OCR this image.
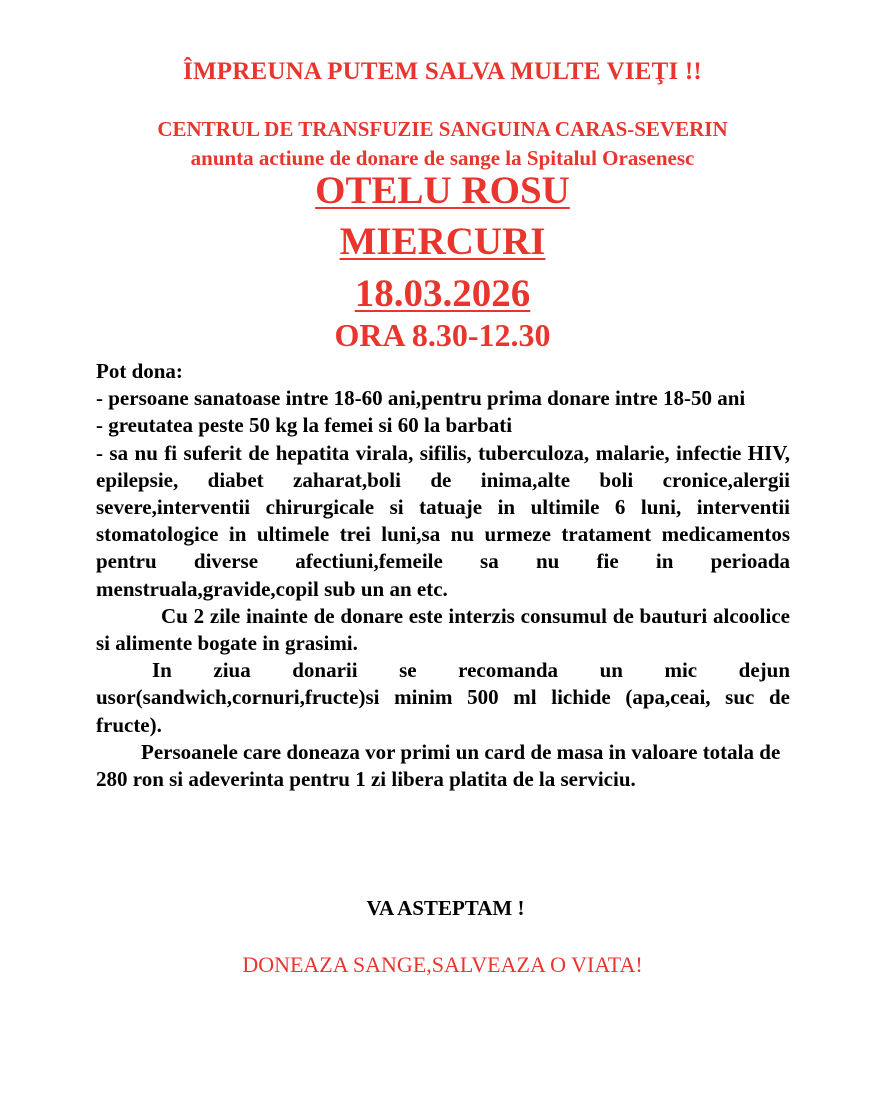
ÎMPREUNA PUTEM SALVA MULTE VIEŢI !!
CENTRUL DE TRANSFUZIE SANGUINA CARAS-SEVERIN
anunta actiune de donare de sange la Spitalul Orasenesc
OTELU ROSU
MIERCURI
18.03.2026
ORA 8.30-12.30

Pot dona:

- persoane sanatoase intre 18-60 ani,pentru prima donare intre 18-50 ani

- greutatea peste 50 kg la femei si 60 la barbati

- sa nu fi suferit de hepatita virala, sifilis, tuberculoza, malarie, infectie HIV, epilepsie, diabet zaharat,boli de inima,alte boli cronice,alergii severe,interventii chirurgicale si tatuaje in ultimile 6 luni, interventii stomatologice in ultimele trei luni,sa nu urmeze tratament medicamentos pentru diverse afectiuni,femeile sa nu fie in perioada menstruala,gravide,copil sub un an etc.

Cu 2 zile inainte de donare este interzis consumul de bauturi alcoolice si alimente bogate in grasimi.

In ziua donarii se recomanda un mic dejun usor(sandwich,cornuri,fructe)si minim 500 ml lichide (apa,ceai, suc de fructe).

Persoanele care doneaza vor primi un card de masa in valoare totala de 280 ron si adeverinta pentru 1 zi libera platita de la serviciu.

VA ASTEPTAM !
DONEAZA SANGE,SALVEAZA O VIATA!
